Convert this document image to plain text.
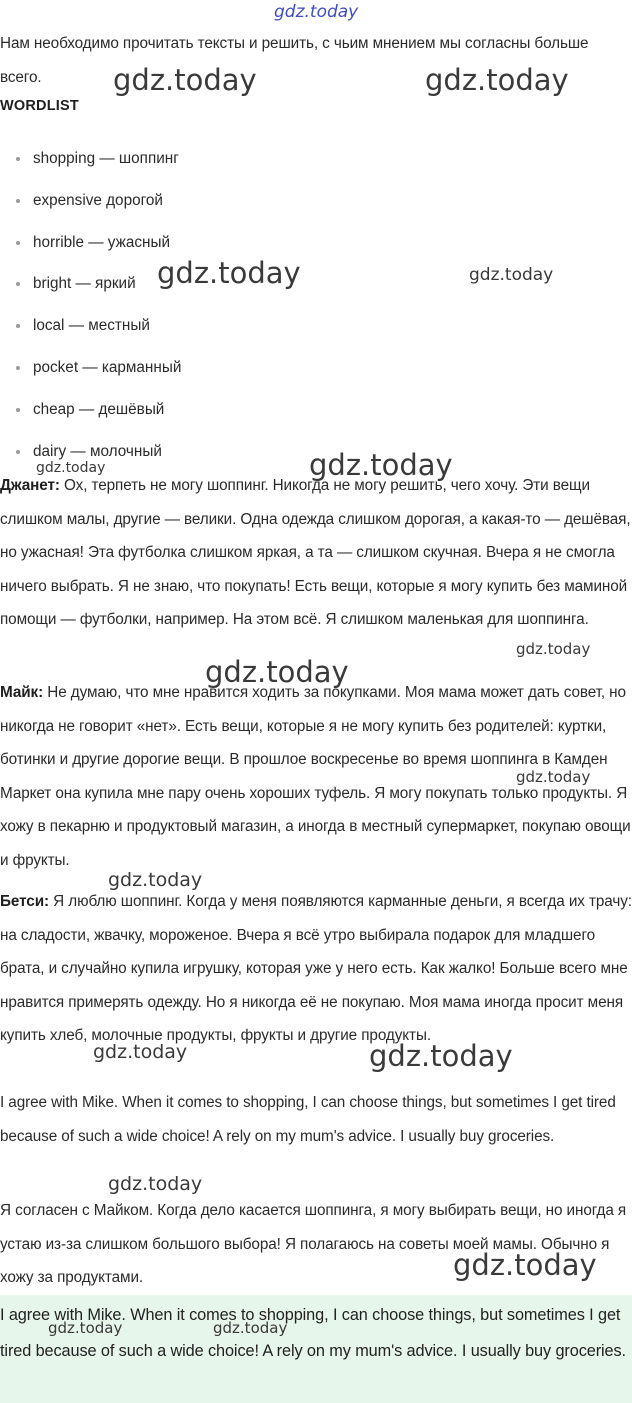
gdz.today
Нам необходимо прочитать тексты и решить, с чьим мнением мы согласны больше всего.
WORDLIST
shopping — шоппинг
expensive дорогой
horrible — ужасный
bright — яркий
local — местный
pocket — карманный
cheap — дешёвый
dairy — молочный
Джанет: Ох, терпеть не могу шоппинг. Никогда не могу решить, чего хочу. Эти вещи слишком малы, другие — велики. Одна одежда слишком дорогая, а какая-то — дешёвая, но ужасная! Эта футболка слишком яркая, а та — слишком скучная. Вчера я не смогла ничего выбрать. Я не знаю, что покупать! Есть вещи, которые я могу купить без маминой помощи — футболки, например. На этом всё. Я слишком маленькая для шоппинга.
Майк: Не думаю, что мне нравится ходить за покупками. Моя мама может дать совет, но никогда не говорит «нет». Есть вещи, которые я не могу купить без родителей: куртки, ботинки и другие дорогие вещи. В прошлое воскресенье во время шоппинга в Камден Маркет она купила мне пару очень хороших туфель. Я могу покупать только продукты. Я хожу в пекарню и продуктовый магазин, а иногда в местный супермаркет, покупаю овощи и фрукты.
Бетси: Я люблю шоппинг. Когда у меня появляются карманные деньги, я всегда их трачу: на сладости, жвачку, мороженое. Вчера я всё утро выбирала подарок для младшего брата, и случайно купила игрушку, которая уже у него есть. Как жалко! Больше всего мне нравится примерять одежду. Но я никогда её не покупаю. Моя мама иногда просит меня купить хлеб, молочные продукты, фрукты и другие продукты.
I agree with Mike. When it comes to shopping, I can choose things, but sometimes I get tired because of such a wide choice! A rely on my mum's advice. I usually buy groceries.
Я согласен с Майком. Когда дело касается шоппинга, я могу выбирать вещи, но иногда я устаю из-за слишком большого выбора! Я полагаюсь на советы моей мамы. Обычно я хожу за продуктами.
I agree with Mike. When it comes to shopping, I can choose things, but sometimes I get tired because of such a wide choice! A rely on my mum's advice. I usually buy groceries.
gdz.today	gdz.today
gdz.today	gdz.today
gdz.today	gdz.today
gdz.today
gdz.today
gdz.today
gdz.today
gdz.today	gdz.today
gdz.today
gdz.today
gdz.today	gdz.today
